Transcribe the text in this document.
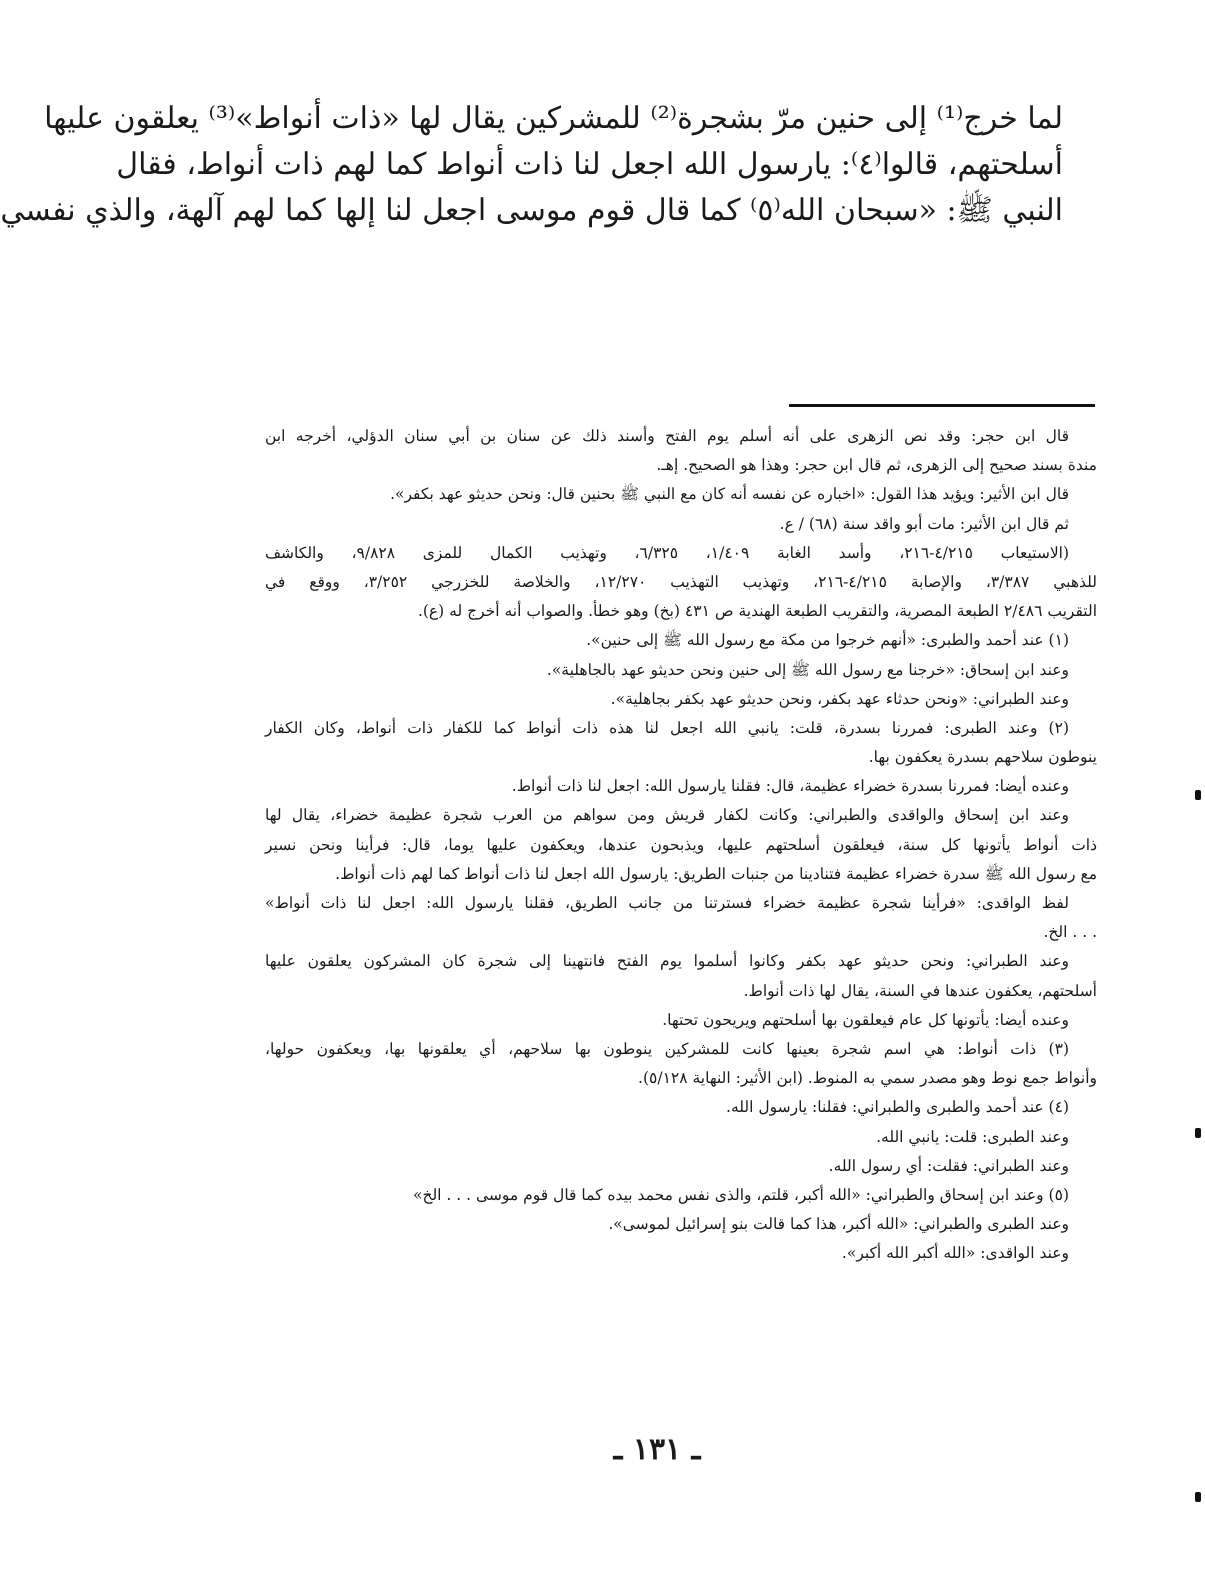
لما خرج⁽¹⁾ إلى حنين مرّ بشجرة⁽²⁾ للمشركين يقال لها «ذات أنواط»⁽³⁾ يعلقون عليها
أسلحتهم، قالوا⁽٤⁾: يارسول الله اجعل لنا ذات أنواط كما لهم ذات أنواط، فقال
النبي ﷺ: «سبحان الله⁽٥⁾ كما قال قوم موسى اجعل لنا إلها كما لهم آلهة، والذي نفسي
قال ابن حجر: وقد نص الزهرى على أنه أسلم يوم الفتح وأسند ذلك عن سنان بن أبي سنان الدؤلي، أخرجه ابن
مندة بسند صحيح إلى الزهرى، ثم قال ابن حجر: وهذا هو الصحيح. إهـ.
قال ابن الأثير: ويؤيد هذا القول: «اخباره عن نفسه أنه كان مع النبي ﷺ بحنين قال: ونحن حديثو عهد بكفر».
ثم قال ابن الأثير: مات أبو واقد سنة (٦٨) / ع.
(الاستيعاب ٤/٢١٥-٢١٦، وأسد الغابة ١/٤٠٩، ٦/٣٢٥، وتهذيب الكمال للمزى ٩/٨٢٨، والكاشف
للذهبي ٣/٣٨٧، والإصابة ٤/٢١٥-٢١٦، وتهذيب التهذيب ١٢/٢٧٠، والخلاصة للخزرجي ٣/٢٥٢، ووقع في
التقريب ٢/٤٨٦ الطبعة المصرية، والتقريب الطبعة الهندية ص ٤٣١ (بخ) وهو خطأ. والصواب أنه أخرج له (ع).
(١) عند أحمد والطبرى: «أنهم خرجوا من مكة مع رسول الله ﷺ إلى حنين».
وعند ابن إسحاق: «خرجنا مع رسول الله ﷺ إلى حنين ونحن حديثو عهد بالجاهلية».
وعند الطبراني: «ونحن حدثاء عهد بكفر، ونحن حديثو عهد بكفر بجاهلية».
(٢) وعند الطبرى: فمررنا بسدرة، قلت: يانبي الله اجعل لنا هذه ذات أنواط كما للكفار ذات أنواط، وكان الكفار
ينوطون سلاحهم بسدرة يعكفون بها.
وعنده أيضا: فمررنا بسدرة خضراء عظيمة، قال: فقلنا يارسول الله: اجعل لنا ذات أنواط.
وعند ابن إسحاق والواقدى والطبراني: وكانت لكفار قريش ومن سواهم من العرب شجرة عظيمة خضراء، يقال لها
ذات أنواط يأتونها كل سنة، فيعلقون أسلحتهم عليها، ويذبحون عندها، ويعكفون عليها يوما، قال: فرأينا ونحن نسير
مع رسول الله ﷺ سدرة خضراء عظيمة فتنادينا من جنبات الطريق: يارسول الله اجعل لنا ذات أنواط كما لهم ذات أنواط.
لفظ الواقدى: «فرأينا شجرة عظيمة خضراء فسترتنا من جانب الطريق، فقلنا يارسول الله: اجعل لنا ذات أنواط»
. . . الخ.
وعند الطبراني: ونحن حديثو عهد بكفر وكانوا أسلموا يوم الفتح فانتهينا إلى شجرة كان المشركون يعلقون عليها
أسلحتهم، يعكفون عندها في السنة، يقال لها ذات أنواط.
وعنده أيضا: يأتونها كل عام فيعلقون بها أسلحتهم ويريحون تحتها.
(٣) ذات أنواط: هي اسم شجرة بعينها كانت للمشركين ينوطون بها سلاحهم، أي يعلقونها بها، ويعكفون حولها،
وأنواط جمع نوط وهو مصدر سمي به المنوط. (ابن الأثير: النهاية ٥/١٢٨).
(٤) عند أحمد والطبرى والطبراني: فقلنا: يارسول الله.
وعند الطبرى: قلت: يانبي الله.
وعند الطبراني: فقلت: أي رسول الله.
(٥) وعند ابن إسحاق والطبراني: «الله أكبر، قلتم، والذى نفس محمد بيده كما قال قوم موسى . . . الخ»
وعند الطبرى والطبراني: «الله أكبر، هذا كما قالت بنو إسرائيل لموسى».
وعند الواقدى: «الله أكبر الله أكبر».
ـ ١٣١ ـ
